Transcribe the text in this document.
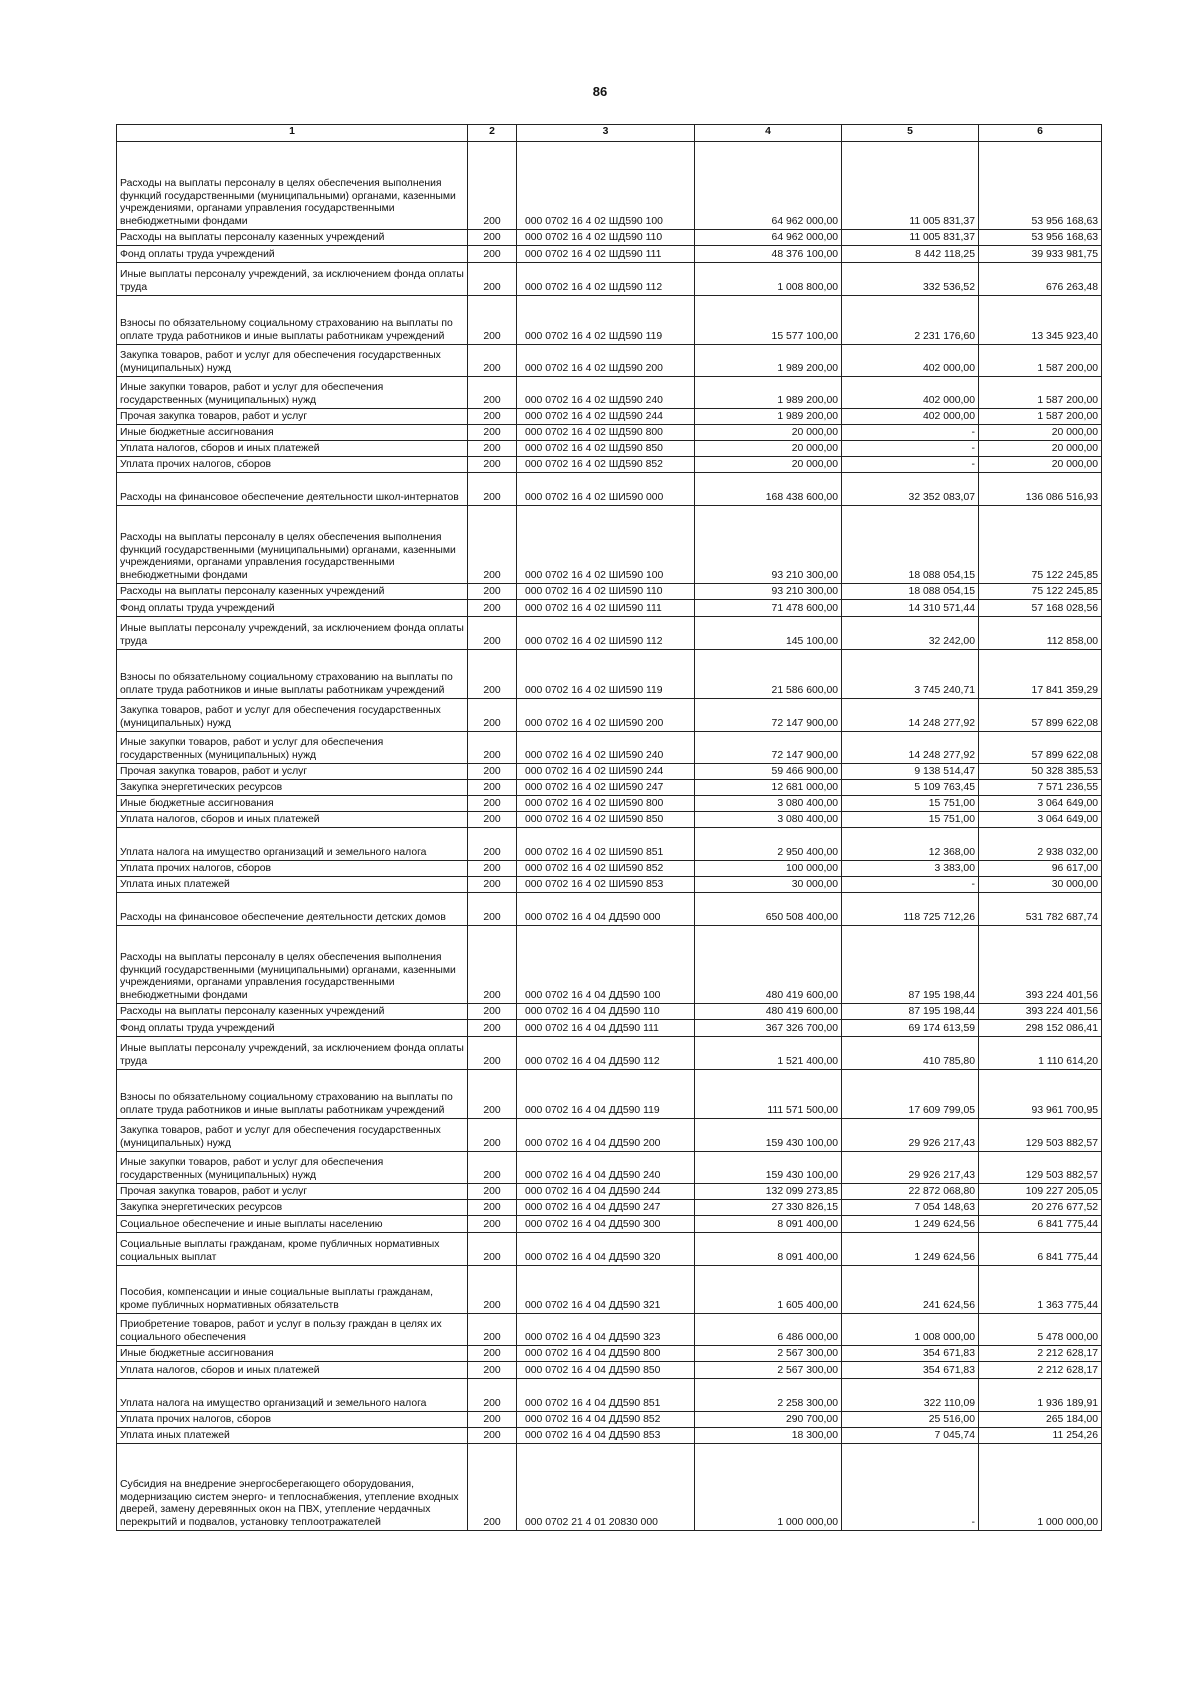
86
1	2	3	4	5	6
Расходы на выплаты персоналу в целях обеспечения выполнения функций государственными (муниципальными) органами, казенными учреждениями, органами управления государственными внебюджетными фондами	200	000 0702 16 4 02 ШД590 100	64 962 000,00	11 005 831,37	53 956 168,63
Расходы на выплаты персоналу казенных учреждений	200	000 0702 16 4 02 ШД590 110	64 962 000,00	11 005 831,37	53 956 168,63
Фонд оплаты труда учреждений	200	000 0702 16 4 02 ШД590 111	48 376 100,00	8 442 118,25	39 933 981,75
Иные выплаты персоналу учреждений, за исключением фонда оплаты труда	200	000 0702 16 4 02 ШД590 112	1 008 800,00	332 536,52	676 263,48
Взносы по обязательному социальному страхованию на выплаты по оплате труда работников и иные выплаты работникам учреждений	200	000 0702 16 4 02 ШД590 119	15 577 100,00	2 231 176,60	13 345 923,40
Закупка товаров, работ и услуг для обеспечения государственных (муниципальных) нужд	200	000 0702 16 4 02 ШД590 200	1 989 200,00	402 000,00	1 587 200,00
Иные закупки товаров, работ и услуг для обеспечения государственных (муниципальных) нужд	200	000 0702 16 4 02 ШД590 240	1 989 200,00	402 000,00	1 587 200,00
Прочая закупка товаров, работ и услуг	200	000 0702 16 4 02 ШД590 244	1 989 200,00	402 000,00	1 587 200,00
Иные бюджетные ассигнования	200	000 0702 16 4 02 ШД590 800	20 000,00	-	20 000,00
Уплата налогов, сборов и иных платежей	200	000 0702 16 4 02 ШД590 850	20 000,00	-	20 000,00
Уплата прочих налогов, сборов	200	000 0702 16 4 02 ШД590 852	20 000,00	-	20 000,00
Расходы на финансовое обеспечение деятельности школ-интернатов	200	000 0702 16 4 02 ШИ590 000	168 438 600,00	32 352 083,07	136 086 516,93
Расходы на выплаты персоналу в целях обеспечения выполнения функций государственными (муниципальными) органами, казенными учреждениями, органами управления государственными внебюджетными фондами	200	000 0702 16 4 02 ШИ590 100	93 210 300,00	18 088 054,15	75 122 245,85
Расходы на выплаты персоналу казенных учреждений	200	000 0702 16 4 02 ШИ590 110	93 210 300,00	18 088 054,15	75 122 245,85
Фонд оплаты труда учреждений	200	000 0702 16 4 02 ШИ590 111	71 478 600,00	14 310 571,44	57 168 028,56
Иные выплаты персоналу учреждений, за исключением фонда оплаты труда	200	000 0702 16 4 02 ШИ590 112	145 100,00	32 242,00	112 858,00
Взносы по обязательному социальному страхованию на выплаты по оплате труда работников и иные выплаты работникам учреждений	200	000 0702 16 4 02 ШИ590 119	21 586 600,00	3 745 240,71	17 841 359,29
Закупка товаров, работ и услуг для обеспечения государственных (муниципальных) нужд	200	000 0702 16 4 02 ШИ590 200	72 147 900,00	14 248 277,92	57 899 622,08
Иные закупки товаров, работ и услуг для обеспечения государственных (муниципальных) нужд	200	000 0702 16 4 02 ШИ590 240	72 147 900,00	14 248 277,92	57 899 622,08
Прочая закупка товаров, работ и услуг	200	000 0702 16 4 02 ШИ590 244	59 466 900,00	9 138 514,47	50 328 385,53
Закупка энергетических ресурсов	200	000 0702 16 4 02 ШИ590 247	12 681 000,00	5 109 763,45	7 571 236,55
Иные бюджетные ассигнования	200	000 0702 16 4 02 ШИ590 800	3 080 400,00	15 751,00	3 064 649,00
Уплата налогов, сборов и иных платежей	200	000 0702 16 4 02 ШИ590 850	3 080 400,00	15 751,00	3 064 649,00
Уплата налога на имущество организаций и земельного налога	200	000 0702 16 4 02 ШИ590 851	2 950 400,00	12 368,00	2 938 032,00
Уплата прочих налогов, сборов	200	000 0702 16 4 02 ШИ590 852	100 000,00	3 383,00	96 617,00
Уплата иных платежей	200	000 0702 16 4 02 ШИ590 853	30 000,00	-	30 000,00
Расходы на финансовое обеспечение деятельности детских домов	200	000 0702 16 4 04 ДД590 000	650 508 400,00	118 725 712,26	531 782 687,74
Расходы на выплаты персоналу в целях обеспечения выполнения функций государственными (муниципальными) органами, казенными учреждениями, органами управления государственными внебюджетными фондами	200	000 0702 16 4 04 ДД590 100	480 419 600,00	87 195 198,44	393 224 401,56
Расходы на выплаты персоналу казенных учреждений	200	000 0702 16 4 04 ДД590 110	480 419 600,00	87 195 198,44	393 224 401,56
Фонд оплаты труда учреждений	200	000 0702 16 4 04 ДД590 111	367 326 700,00	69 174 613,59	298 152 086,41
Иные выплаты персоналу учреждений, за исключением фонда оплаты труда	200	000 0702 16 4 04 ДД590 112	1 521 400,00	410 785,80	1 110 614,20
Взносы по обязательному социальному страхованию на выплаты по оплате труда работников и иные выплаты работникам учреждений	200	000 0702 16 4 04 ДД590 119	111 571 500,00	17 609 799,05	93 961 700,95
Закупка товаров, работ и услуг для обеспечения государственных (муниципальных) нужд	200	000 0702 16 4 04 ДД590 200	159 430 100,00	29 926 217,43	129 503 882,57
Иные закупки товаров, работ и услуг для обеспечения государственных (муниципальных) нужд	200	000 0702 16 4 04 ДД590 240	159 430 100,00	29 926 217,43	129 503 882,57
Прочая закупка товаров, работ и услуг	200	000 0702 16 4 04 ДД590 244	132 099 273,85	22 872 068,80	109 227 205,05
Закупка энергетических ресурсов	200	000 0702 16 4 04 ДД590 247	27 330 826,15	7 054 148,63	20 276 677,52
Социальное обеспечение и иные выплаты населению	200	000 0702 16 4 04 ДД590 300	8 091 400,00	1 249 624,56	6 841 775,44
Социальные выплаты гражданам, кроме публичных нормативных социальных выплат	200	000 0702 16 4 04 ДД590 320	8 091 400,00	1 249 624,56	6 841 775,44
Пособия, компенсации и иные социальные выплаты гражданам, кроме публичных нормативных обязательств	200	000 0702 16 4 04 ДД590 321	1 605 400,00	241 624,56	1 363 775,44
Приобретение товаров, работ и услуг в пользу граждан в целях их социального обеспечения	200	000 0702 16 4 04 ДД590 323	6 486 000,00	1 008 000,00	5 478 000,00
Иные бюджетные ассигнования	200	000 0702 16 4 04 ДД590 800	2 567 300,00	354 671,83	2 212 628,17
Уплата налогов, сборов и иных платежей	200	000 0702 16 4 04 ДД590 850	2 567 300,00	354 671,83	2 212 628,17
Уплата налога на имущество организаций и земельного налога	200	000 0702 16 4 04 ДД590 851	2 258 300,00	322 110,09	1 936 189,91
Уплата прочих налогов, сборов	200	000 0702 16 4 04 ДД590 852	290 700,00	25 516,00	265 184,00
Уплата иных платежей	200	000 0702 16 4 04 ДД590 853	18 300,00	7 045,74	11 254,26
Субсидия на внедрение энергосберегающего оборудования, модернизацию систем энерго- и теплоснабжения, утепление входных дверей, замену деревянных окон на ПВХ, утепление чердачных перекрытий и подвалов, установку теплоотражателей	200	000 0702 21 4 01 20830 000	1 000 000,00	-	1 000 000,00
